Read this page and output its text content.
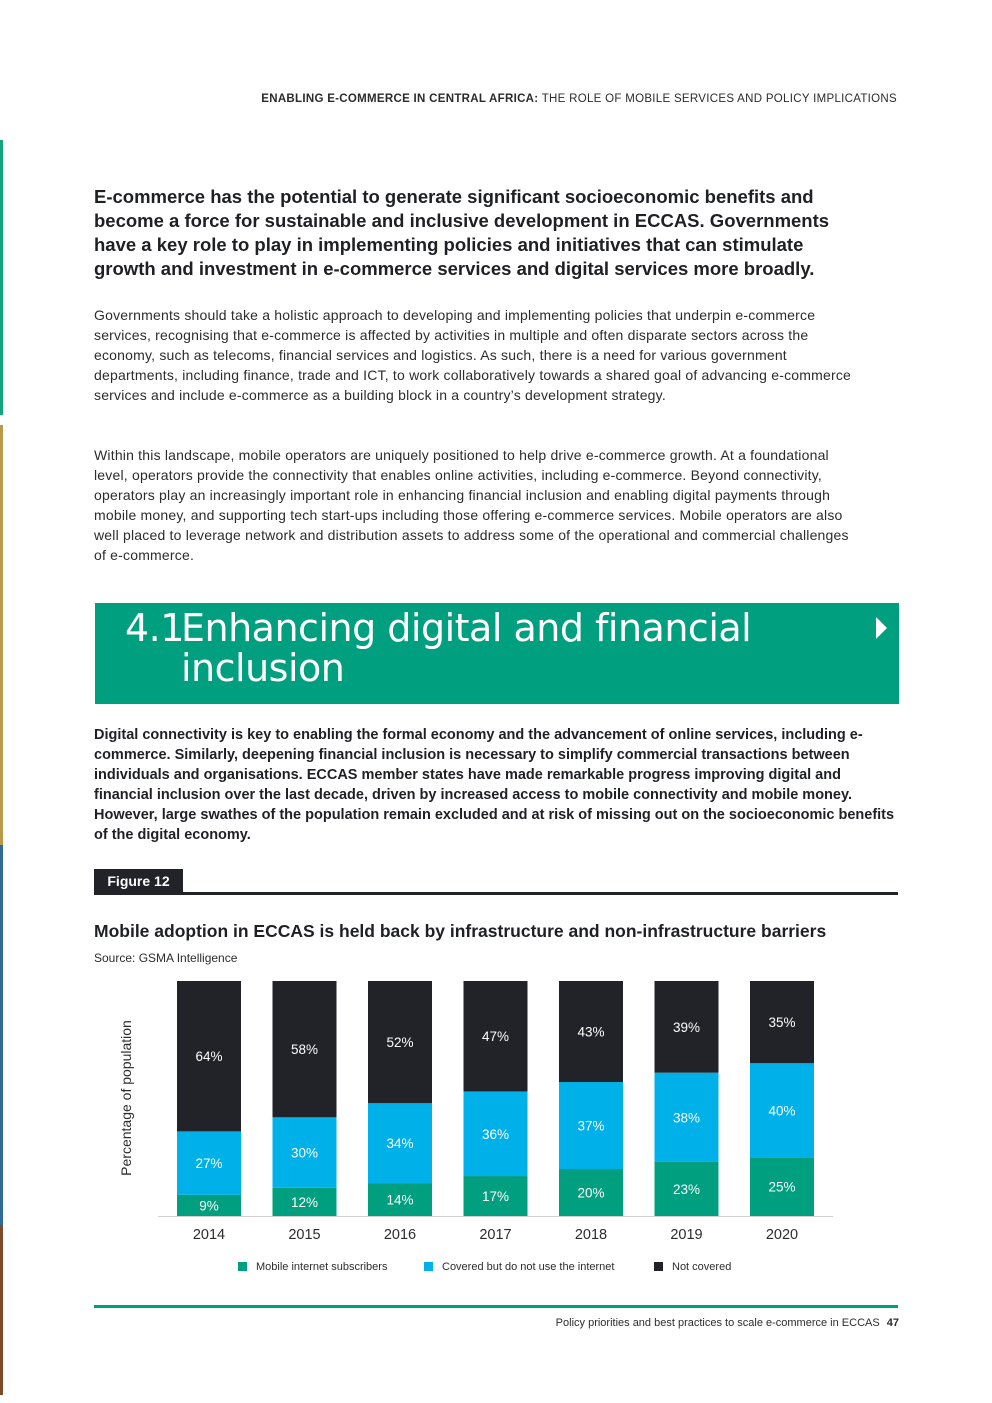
ENABLING E-COMMERCE IN CENTRAL AFRICA: THE ROLE OF MOBILE SERVICES AND POLICY IMPLICATIONS

E-commerce has the potential to generate significant socioeconomic benefits and become a force for sustainable and inclusive development in ECCAS. Governments have a key role to play in implementing policies and initiatives that can stimulate growth and investment in e-commerce services and digital services more broadly.

Governments should take a holistic approach to developing and implementing policies that underpin e-commerce services, recognising that e-commerce is affected by activities in multiple and often disparate sectors across the economy, such as telecoms, financial services and logistics. As such, there is a need for various government departments, including finance, trade and ICT, to work collaboratively towards a shared goal of advancing e-commerce services and include e-commerce as a building block in a country’s development strategy.

Within this landscape, mobile operators are uniquely positioned to help drive e-commerce growth. At a foundational level, operators provide the connectivity that enables online activities, including e-commerce. Beyond connectivity, operators play an increasingly important role in enhancing financial inclusion and enabling digital payments through mobile money, and supporting tech start-ups including those offering e-commerce services. Mobile operators are also well placed to leverage network and distribution assets to address some of the operational and commercial challenges of e-commerce.

4.1
Enhancing digital and financial inclusion

Digital connectivity is key to enabling the formal economy and the advancement of online services, including e-commerce. Similarly, deepening financial inclusion is necessary to simplify commercial transactions between individuals and organisations. ECCAS member states have made remarkable progress improving digital and financial inclusion over the last decade, driven by increased access to mobile connectivity and mobile money. However, large swathes of the population remain excluded and at risk of missing out on the socioeconomic benefits of the digital economy.

Figure 12
Mobile adoption in ECCAS is held back by infrastructure and non-infrastructure barriers
Source: GSMA Intelligence
Percentage of population
9%
27%
64%
2014
12%
30%
58%
2015
14%
34%
52%
2016
17%
36%
47%
2017
20%
37%
43%
2018
23%
38%
39%
2019
25%
40%
35%
2020
Mobile internet subscribers	Covered but do not use the internet	Not covered
Policy priorities and best practices to scale e-commerce in ECCAS 47
